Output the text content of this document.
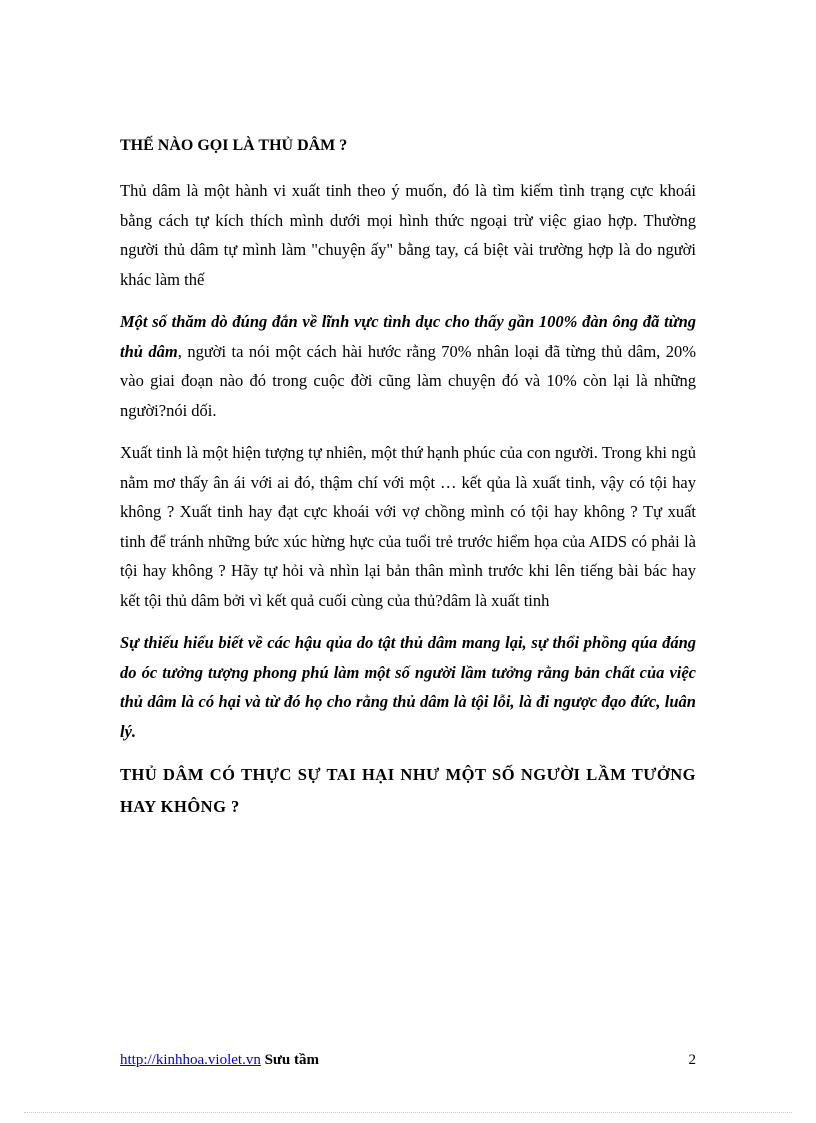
THẾ NÀO GỌI LÀ THỦ DÂM ?

Thủ dâm là một hành vi xuất tinh theo ý muốn, đó là tìm kiếm tình trạng cực khoái bằng cách tự kích thích mình dưới mọi hình thức ngoại trừ việc giao hợp. Thường người thủ dâm tự mình làm "chuyện ấy" bằng tay, cá biệt vài trường hợp là do người khác làm thế

Một số thăm dò đúng đắn về lĩnh vực tình dục cho thấy gần 100% đàn ông đã từng thủ dâm, người ta nói một cách hài hước rằng 70% nhân loại đã từng thủ dâm, 20% vào giai đoạn nào đó trong cuộc đời cũng làm chuyện đó và 10% còn lại là những người?nói dối.

Xuất tinh là một hiện tượng tự nhiên, một thứ hạnh phúc của con người. Trong khi ngủ nằm mơ thấy ân ái với ai đó, thậm chí với một … kết qủa là xuất tinh, vậy có tội hay không ? Xuất tinh hay đạt cực khoái với vợ chồng mình có tội hay không ? Tự xuất tinh để tránh những bức xúc hừng hực của tuổi trẻ trước hiểm họa của AIDS có phải là tội hay không ? Hãy tự hỏi và nhìn lại bản thân mình trước khi lên tiếng bài bác hay kết tội thủ dâm bởi vì kết quả cuối cùng của thủ?dâm là xuất tinh

Sự thiếu hiểu biết về các hậu qủa do tật thủ dâm mang lại, sự thổi phồng qúa đáng do óc tưởng tượng phong phú làm một số người lầm tưởng rằng bản chất của việc thủ dâm là có hại và từ đó họ cho rằng thủ dâm là tội lỗi, là đi ngược đạo đức, luân lý.

THỦ DÂM CÓ THỰC SỰ TAI HẠI NHƯ MỘT SỐ NGƯỜI LẦM TƯỞNG HAY KHÔNG ?
http://kinhhoa.violet.vn Sưu tầm	2
